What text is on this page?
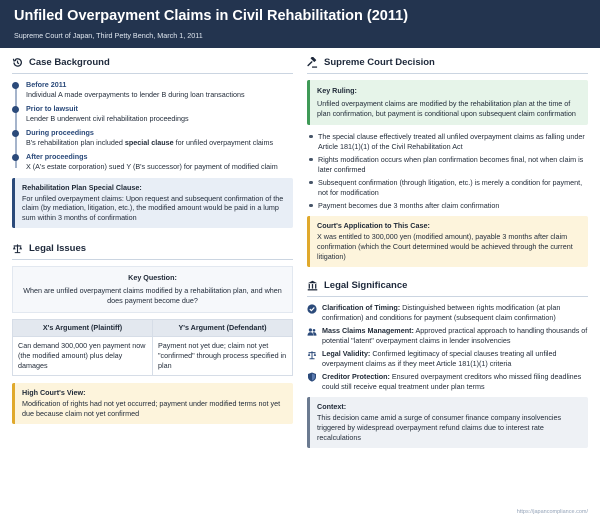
Unfiled Overpayment Claims in Civil Rehabilitation (2011)
Supreme Court of Japan, Third Petty Bench, March 1, 2011
Case Background
Before 2011
Individual A made overpayments to lender B during loan transactions
Prior to lawsuit
Lender B underwent civil rehabilitation proceedings
During proceedings
B's rehabilitation plan included special clause for unfiled overpayment claims
After proceedings
X (A's estate corporation) sued Y (B's successor) for payment of modified claim
Rehabilitation Plan Special Clause:
For unfiled overpayment claims: Upon request and subsequent confirmation of the claim (by mediation, litigation, etc.), the modified amount would be paid in a lump sum within 3 months of confirmation
Legal Issues
Key Question:
When are unfiled overpayment claims modified by a rehabilitation plan, and when does payment become due?
X's Argument (Plaintiff)	Y's Argument (Defendant)
Can demand 300,000 yen payment now (the modified amount) plus delay damages	Payment not yet due; claim not yet "confirmed" through process specified in plan
High Court's View:
Modification of rights had not yet occurred; payment under modified terms not yet due because claim not yet confirmed
Supreme Court Decision
Key Ruling:
Unfiled overpayment claims are modified by the rehabilitation plan at the time of plan confirmation, but payment is conditional upon subsequent claim confirmation
The special clause effectively treated all unfiled overpayment claims as falling under Article 181(1)(1) of the Civil Rehabilitation Act
Rights modification occurs when plan confirmation becomes final, not when claim is later confirmed
Subsequent confirmation (through litigation, etc.) is merely a condition for payment, not for modification
Payment becomes due 3 months after claim confirmation
Court's Application to This Case:
X was entitled to 300,000 yen (modified amount), payable 3 months after claim confirmation (which the Court determined would be achieved through the current litigation)
Legal Significance
Clarification of Timing: Distinguished between rights modification (at plan confirmation) and conditions for payment (subsequent claim confirmation)
Mass Claims Management: Approved practical approach to handling thousands of potential "latent" overpayment claims in lender insolvencies
Legal Validity: Confirmed legitimacy of special clauses treating all unfiled overpayment claims as if they meet Article 181(1)(1) criteria
Creditor Protection: Ensured overpayment creditors who missed filing deadlines could still receive equal treatment under plan terms
Context:
This decision came amid a surge of consumer finance company insolvencies triggered by widespread overpayment refund claims due to interest rate recalculations
https://japancompliance.com/
